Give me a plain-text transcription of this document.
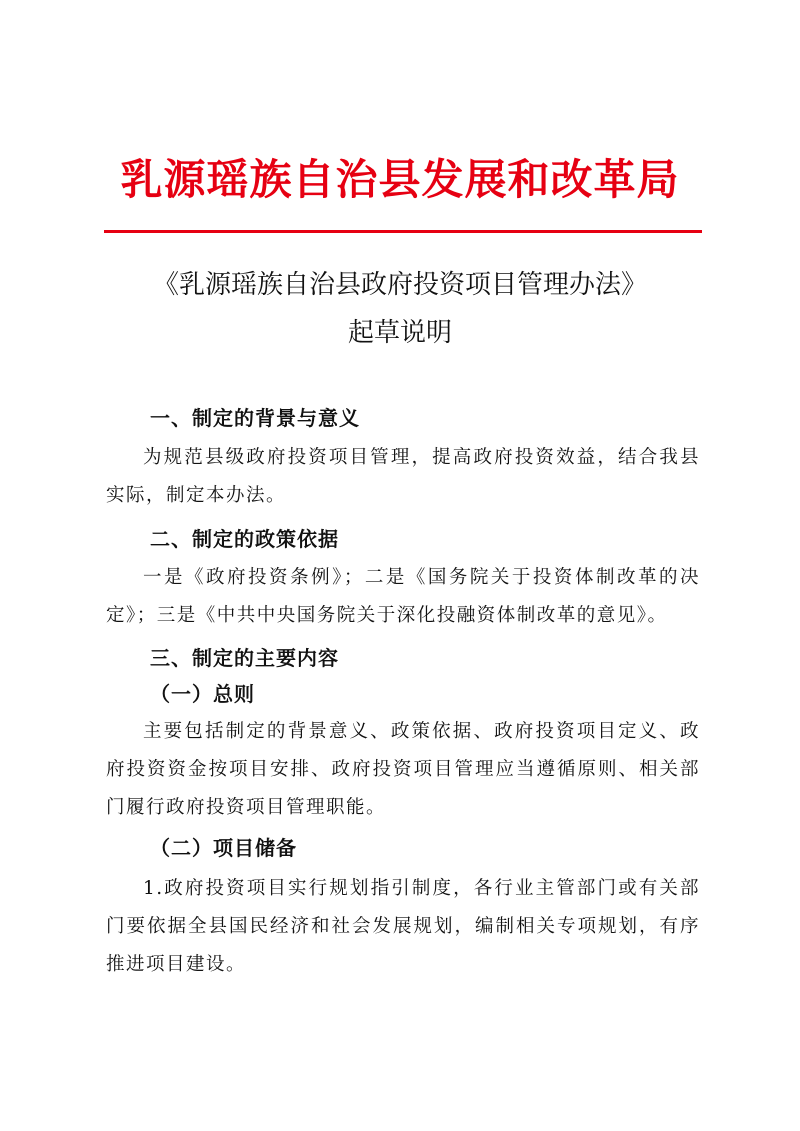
乳源瑶族自治县发展和改革局
《乳源瑶族自治县政府投资项目管理办法》
起草说明
一、制定的背景与意义
为规范县级政府投资项目管理，提高政府投资效益，结合我县实际，制定本办法。
二、制定的政策依据
一是《政府投资条例》；二是《国务院关于投资体制改革的决定》；三是《中共中央国务院关于深化投融资体制改革的意见》。
三、制定的主要内容
（一）总则
主要包括制定的背景意义、政策依据、政府投资项目定义、政府投资资金按项目安排、政府投资项目管理应当遵循原则、相关部门履行政府投资项目管理职能。
（二）项目储备
1.政府投资项目实行规划指引制度，各行业主管部门或有关部门要依据全县国民经济和社会发展规划，编制相关专项规划，有序推进项目建设。
